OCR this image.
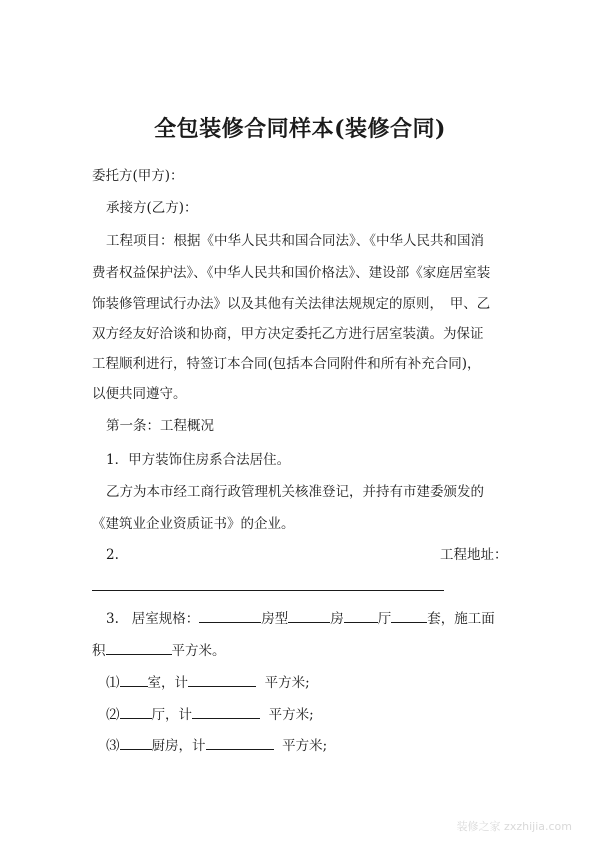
全包装修合同样本(装修合同)
委托方(甲方)：
承接方(乙方)：
工程项目：根据《中华人民共和国合同法》、《中华人民共和国消
费者权益保护法》、《中华人民共和国价格法》、建设部《家庭居室装
饰装修管理试行办法》以及其他有关法律法规规定的原则，　甲、乙
双方经友好洽谈和协商，甲方决定委托乙方进行居室装潢。为保证
工程顺利进行，特签订本合同(包括本合同附件和所有补充合同)，
以便共同遵守。
第一条：工程概况
1．甲方装饰住房系合法居住。
乙方为本市经工商行政管理机关核准登记，并持有市建委颁发的
《建筑业企业资质证书》的企业。
2.	工程地址：
3. 居室规格：	房型	房	厅	套，施工面
积	平方米。
⑴ 室，计	平方米;
⑵ 厅，计	平方米;
⑶ 厨房，计	平方米;
装修之家 zxzhijia.com
